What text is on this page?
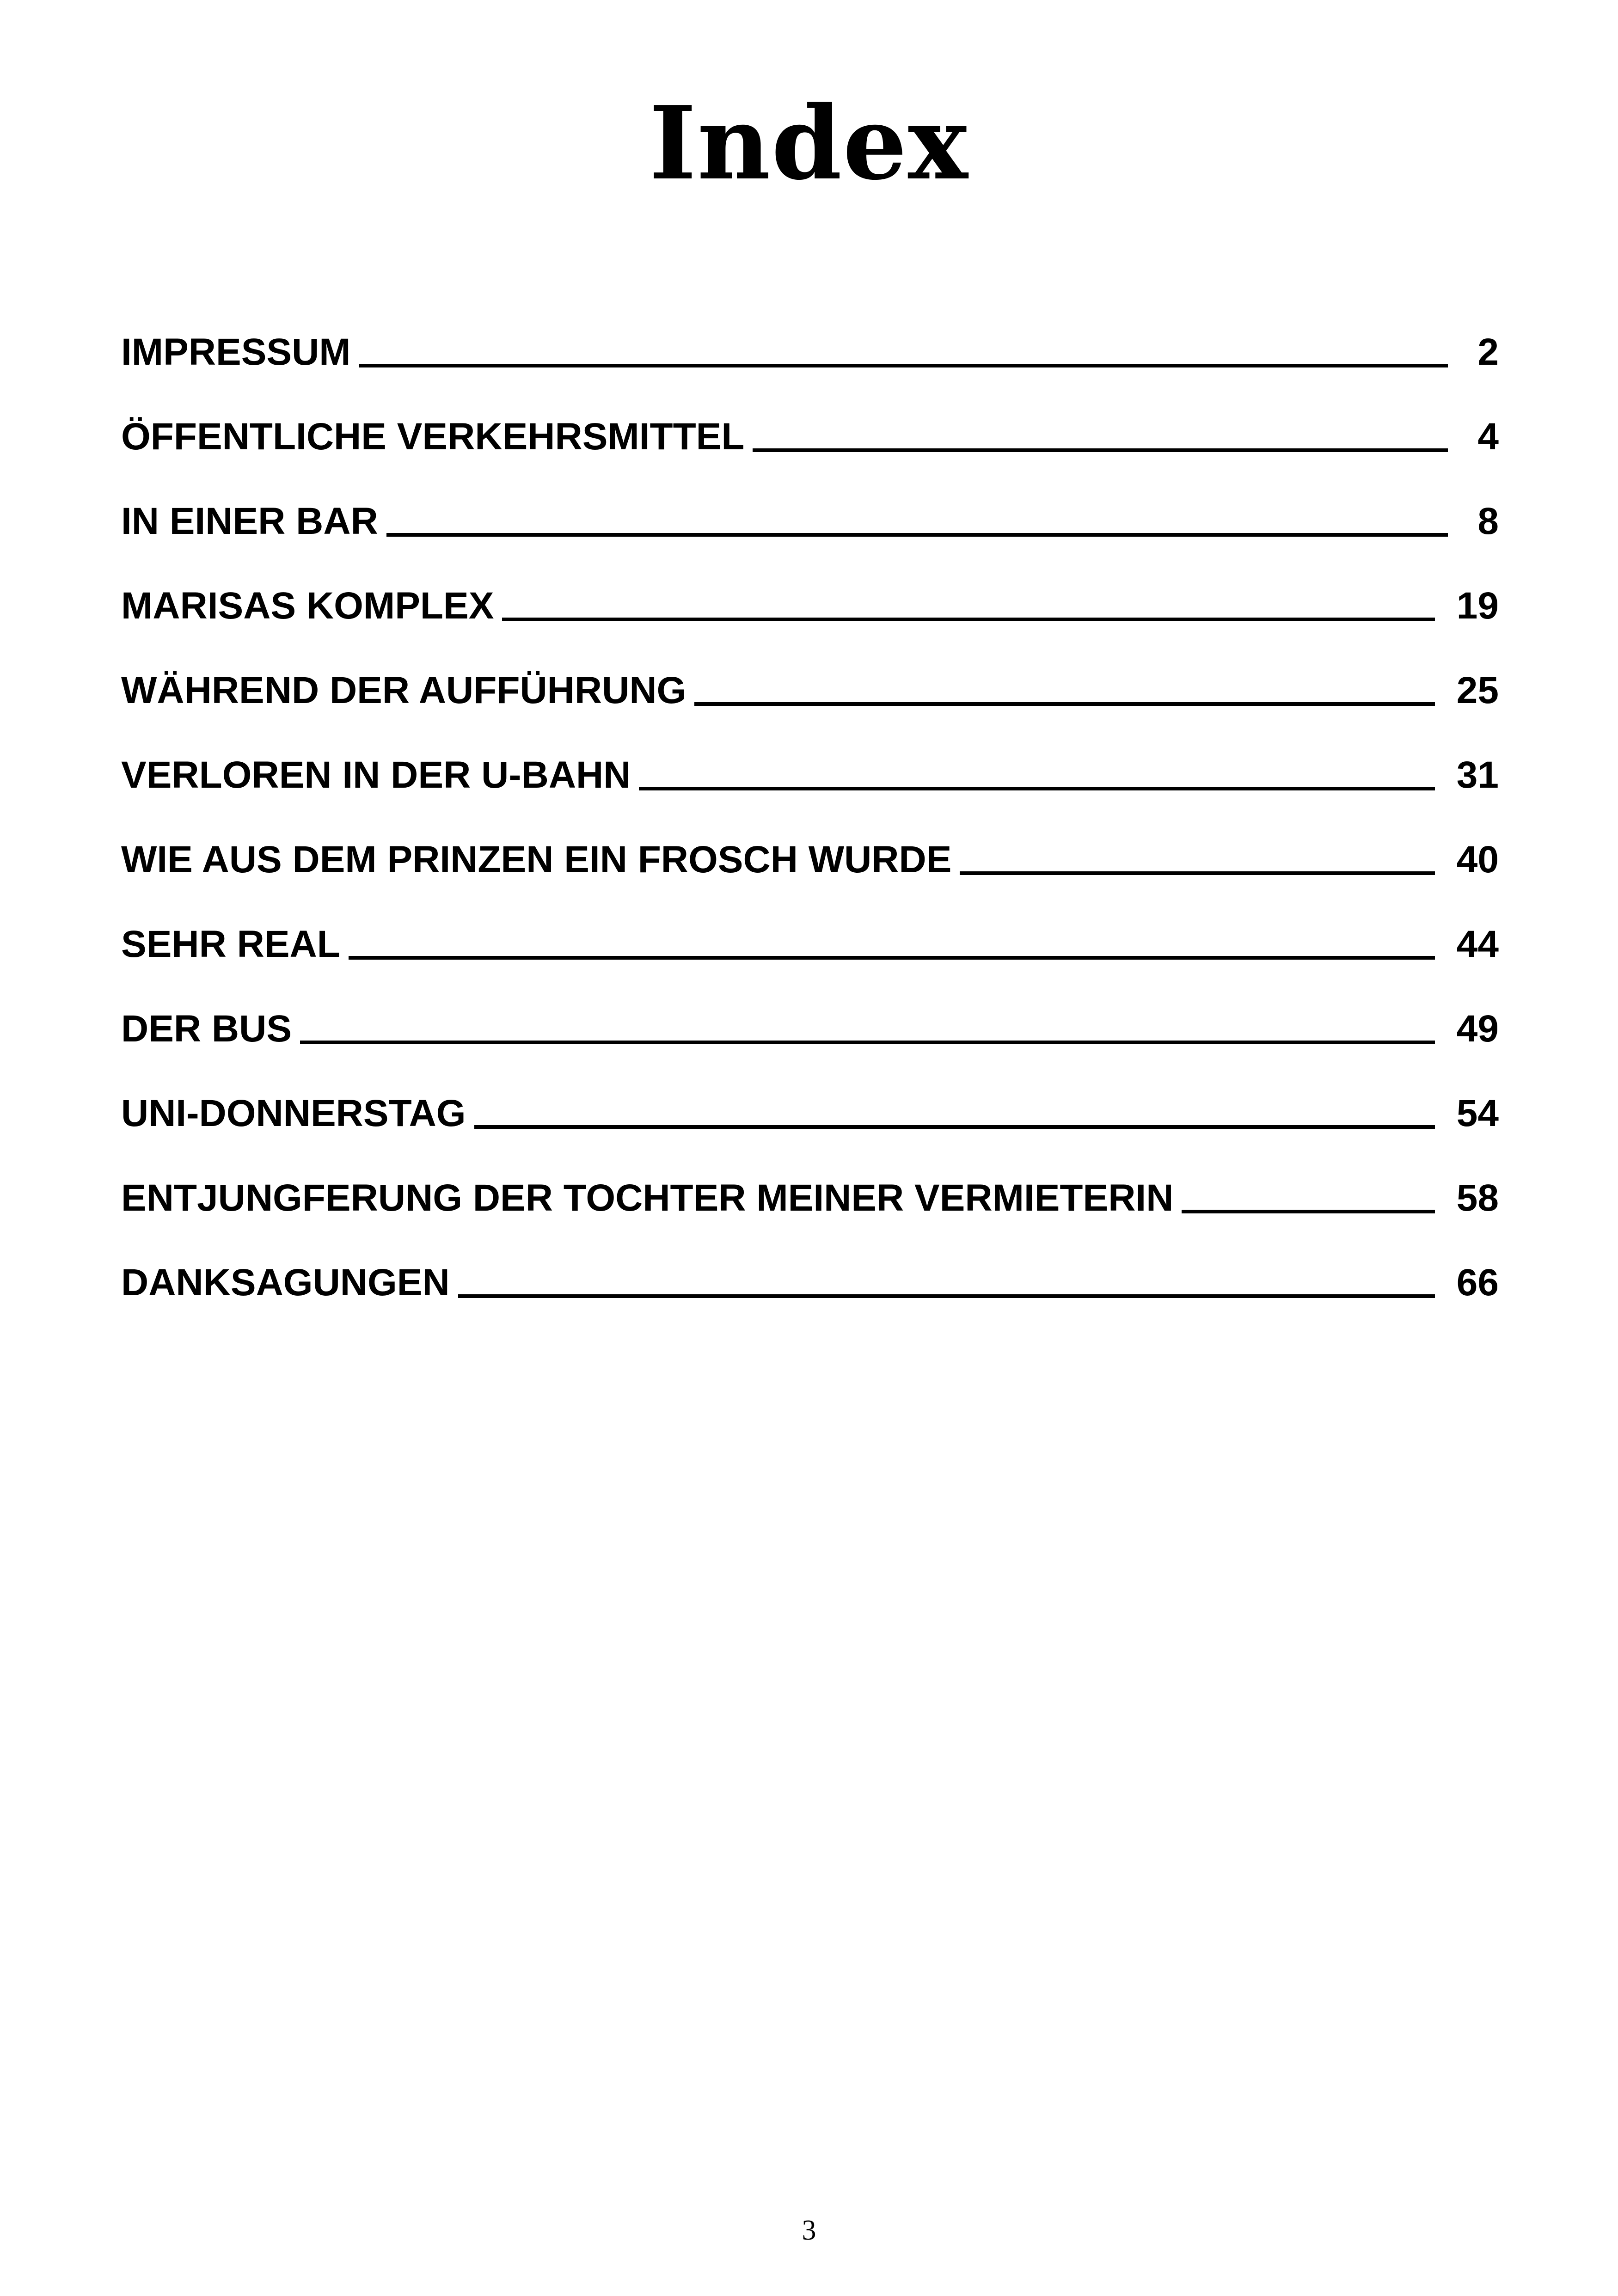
Index
IMPRESSUM	2
ÖFFENTLICHE VERKEHRSMITTEL	4
IN EINER BAR	8
MARISAS KOMPLEX	19
WÄHREND DER AUFFÜHRUNG	25
VERLOREN IN DER U-BAHN	31
WIE AUS DEM PRINZEN EIN FROSCH WURDE	40
SEHR REAL	44
DER BUS	49
UNI-DONNERSTAG	54
ENTJUNGFERUNG DER TOCHTER MEINER VERMIETERIN	58
DANKSAGUNGEN	66
3
